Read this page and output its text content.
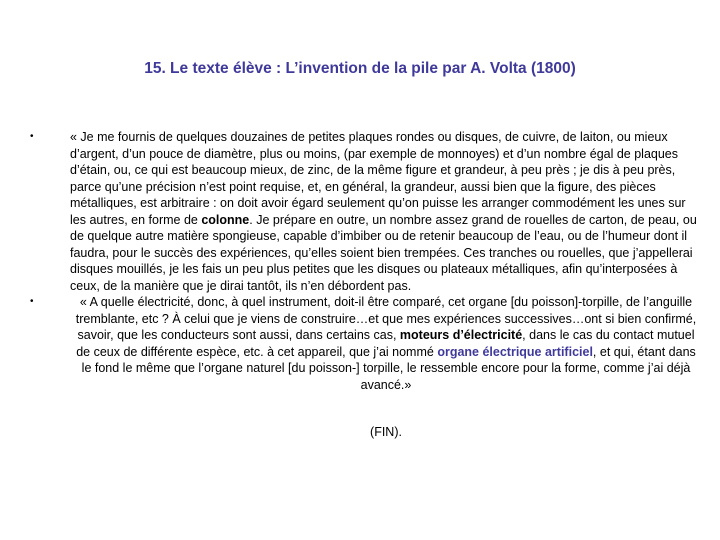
15. Le texte élève : L’invention de la pile par A. Volta (1800)
•	« Je me fournis de quelques douzaines de petites plaques rondes ou disques, de cuivre, de laiton, ou mieux d’argent, d’un pouce de diamètre, plus ou moins, (par exemple de monnoyes) et d’un nombre égal de plaques d’étain, ou, ce qui est beaucoup mieux, de zinc, de la même figure et grandeur, à peu près ; je dis à peu près, parce qu’une précision n’est point requise, et, en général, la grandeur, aussi bien que la figure, des pièces métalliques, est arbitraire : on doit avoir égard seulement qu’on puisse les arranger commodément les unes sur les autres, en forme de colonne. Je prépare en outre, un nombre assez grand de rouelles de carton, de peau, ou de quelque autre matière spongieuse, capable d’imbiber ou de retenir beaucoup de l’eau, ou de l’humeur dont il faudra, pour le succès des expériences, qu’elles soient bien trempées. Ces tranches ou rouelles, que j’appellerai disques mouillés, je les fais un peu plus petites que les disques ou plateaux métalliques, afin qu’interposées à ceux, de la manière que je dirai tantôt, ils n’en débordent pas.
•	« A quelle électricité, donc, à quel instrument, doit-il être comparé, cet organe [du poisson]-torpille, de l’anguille tremblante, etc ? À celui que je viens de construire…et que mes expériences successives…ont si bien confirmé, savoir, que les conducteurs sont aussi, dans certains cas, moteurs d’électricité, dans le cas du contact mutuel de ceux de différente espèce, etc. à cet appareil, que j’ai nommé organe électrique artificiel, et qui, étant dans le fond le même que l’organe naturel [du poisson-] torpille, le ressemble encore pour la forme, comme j’ai déjà avancé.»
(FIN).
